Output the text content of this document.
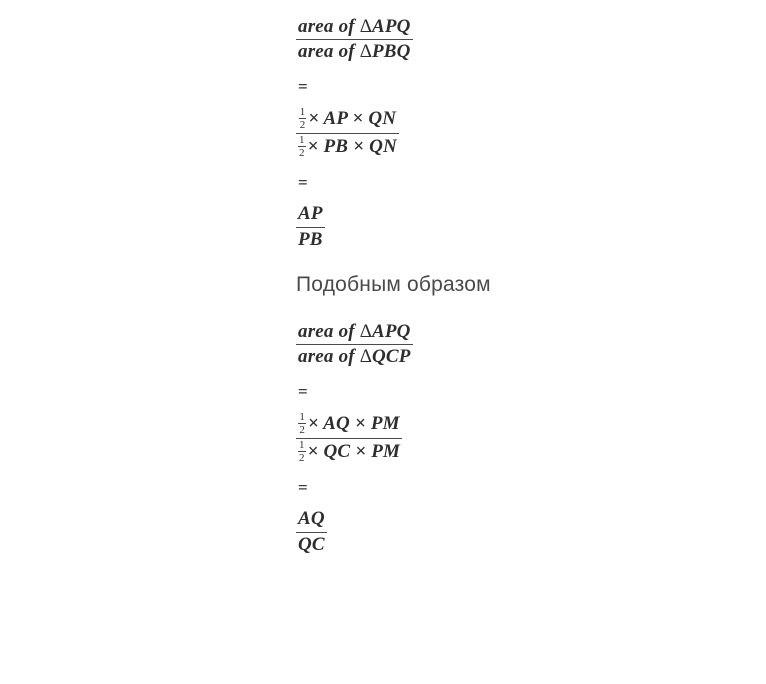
$\frac{\text{area of ΔAPQ}}{\text{area of ΔPBQ}}$
=
$\frac{\frac{1}{2} \times AP \times QN}{\frac{1}{2} \times PB \times QN}$
=
$\frac{AP}{PB}$
Подобным образом
$\frac{\text{area of ΔAPQ}}{\text{area of ΔQCP}}$
=
$\frac{\frac{1}{2} \times AQ \times PM}{\frac{1}{2} \times QC \times PM}$
=
$\frac{AQ}{QC}$
